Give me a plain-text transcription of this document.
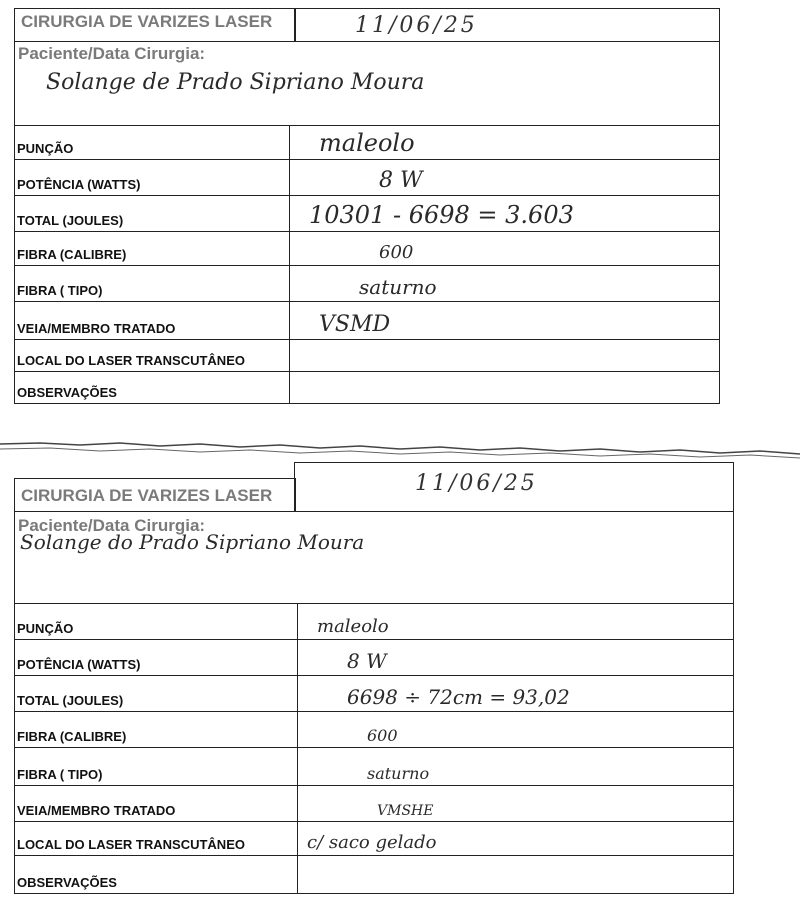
CIRURGIA DE VARIZES LASER	11/06/25
Paciente/Data Cirurgia:
Solange de Prado Sipriano Moura
PUNÇÃO	maleolo
POTÊNCIA (WATTS)	8 W
TOTAL (JOULES)	10301 - 6698 = 3.603
FIBRA (CALIBRE)	600
FIBRA ( TIPO)	saturno
VEIA/MEMBRO TRATADO	VSMD
LOCAL DO LASER TRANSCUTÂNEO
OBSERVAÇÕES
CIRURGIA DE VARIZES LASER	11/06/25
Paciente/Data Cirurgia:
Solange do Prado Sipriano Moura
PUNÇÃO	maleolo
POTÊNCIA (WATTS)	8 W
TOTAL (JOULES)	6698 ÷ 72cm = 93,02
FIBRA (CALIBRE)	600
FIBRA ( TIPO)	saturno
VEIA/MEMBRO TRATADO	VMSHE
LOCAL DO LASER TRANSCUTÂNEO	c/ saco gelado
OBSERVAÇÕES
